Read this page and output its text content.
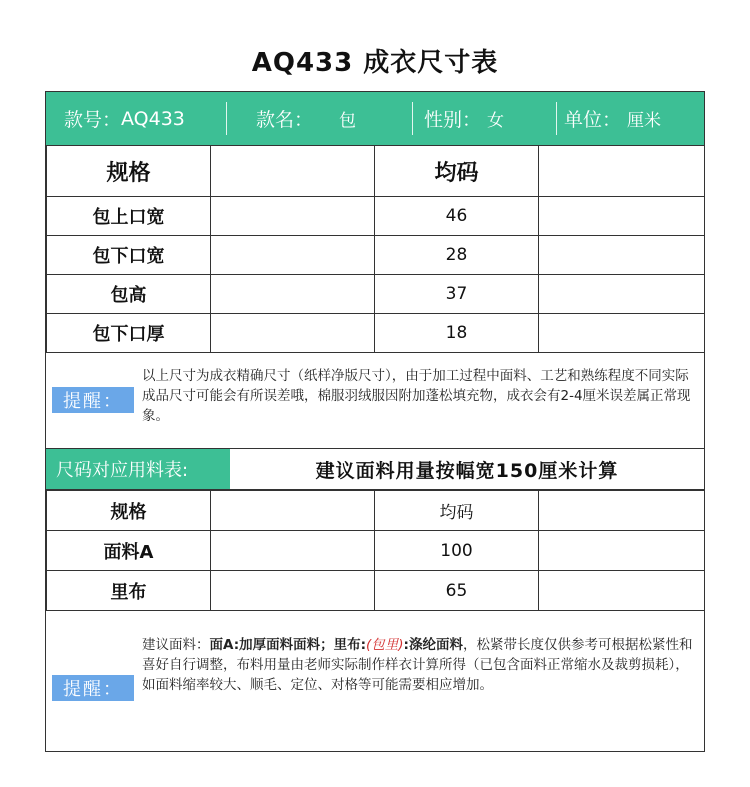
AQ433 成衣尺寸表
款号： AQ433	款名： 包	性别： 女	单位： 厘米
规格		均码	
包上口宽		46	
包下口宽		28	
包高		37	
包下口厚		18	
提醒：
以上尺寸为成衣精确尺寸（纸样净版尺寸），由于加工过程中面料、工艺和熟练程度不同实际成品尺寸可能会有所误差哦，棉服羽绒服因附加蓬松填充物，成衣会有2-4厘米误差属正常现象。
尺码对应用料表:	建议面料用量按幅宽150厘米计算
规格		均码	
面料A		100	
里布		65	
提醒：
建议面料：面A:加厚面料面料；里布:(包里):涤纶面料，松紧带长度仅供参考可根据松紧性和喜好自行调整，布料用量由老师实际制作样衣计算所得（已包含面料正常缩水及裁剪损耗），如面料缩率较大、顺毛、定位、对格等可能需要相应增加。
